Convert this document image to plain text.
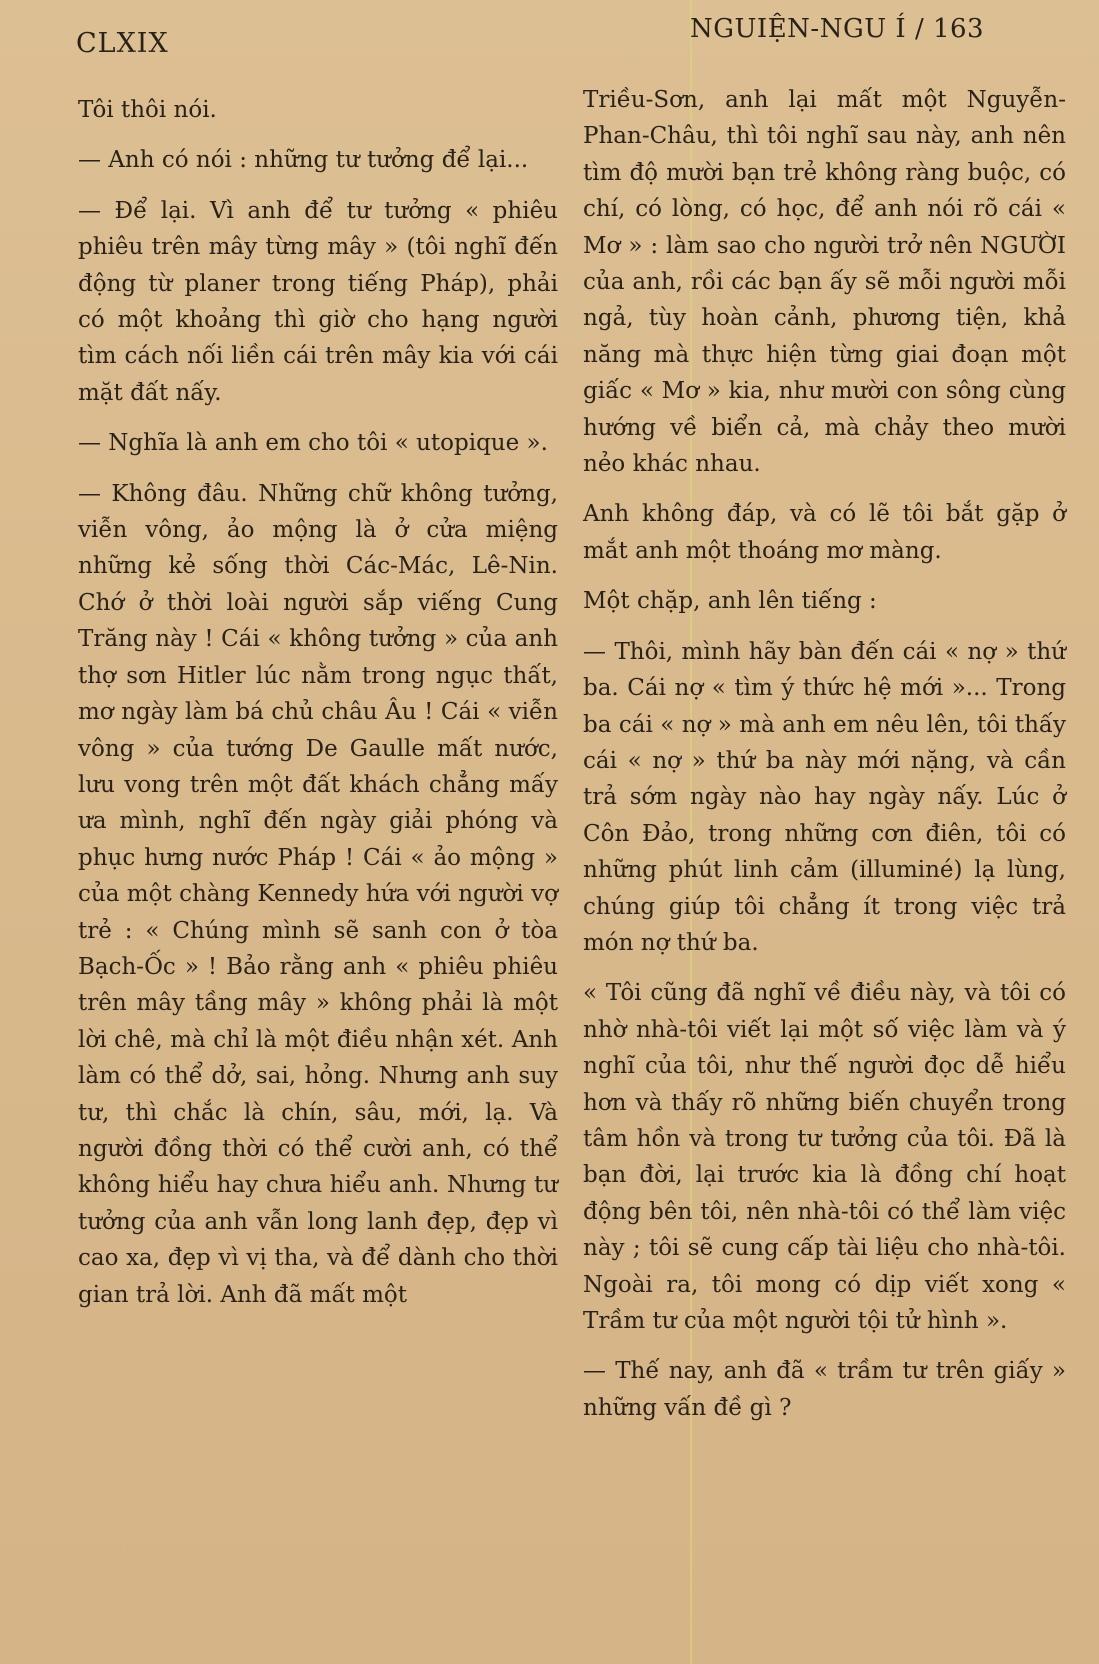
CLXIX	NGUIỆN-NGU Í / 163

Tôi thôi nói.

— Anh có nói : những tư tưởng để lại...

— Để lại. Vì anh để tư tưởng « phiêu phiêu trên mây từng mây » (tôi nghĩ đến động từ planer trong tiếng Pháp), phải có một khoảng thì giờ cho hạng người tìm cách nối liền cái trên mây kia với cái mặt đất nấy.

— Nghĩa là anh em cho tôi « utopique ».

— Không đâu. Những chữ không tưởng, viễn vông, ảo mộng là ở cửa miệng những kẻ sống thời Các-Mác, Lê-Nin. Chớ ở thời loài người sắp viếng Cung Trăng này ! Cái « không tưởng » của anh thợ sơn Hitler lúc nằm trong ngục thất, mơ ngày làm bá chủ châu Âu ! Cái « viễn vông » của tướng De Gaulle mất nước, lưu vong trên một đất khách chẳng mấy ưa mình, nghĩ đến ngày giải phóng và phục hưng nước Pháp ! Cái « ảo mộng » của một chàng Kennedy hứa với người vợ trẻ : « Chúng mình sẽ sanh con ở tòa Bạch-Ốc » ! Bảo rằng anh « phiêu phiêu trên mây tầng mây » không phải là một lời chê, mà chỉ là một điều nhận xét. Anh làm có thể dở, sai, hỏng. Nhưng anh suy tư, thì chắc là chín, sâu, mới, lạ. Và người đồng thời có thể cười anh, có thể không hiểu hay chưa hiểu anh. Nhưng tư tưởng của anh vẫn long lanh đẹp, đẹp vì cao xa, đẹp vì vị tha, và để dành cho thời gian trả lời. Anh đã mất một

Triều-Sơn, anh lại mất một Nguyễn-Phan-Châu, thì tôi nghĩ sau này, anh nên tìm độ mười bạn trẻ không ràng buộc, có chí, có lòng, có học, để anh nói rõ cái « Mơ » : làm sao cho người trở nên NGƯỜI của anh, rồi các bạn ấy sẽ mỗi người mỗi ngả, tùy hoàn cảnh, phương tiện, khả năng mà thực hiện từng giai đoạn một giấc « Mơ » kia, như mười con sông cùng hướng về biển cả, mà chảy theo mười nẻo khác nhau.

Anh không đáp, và có lẽ tôi bắt gặp ở mắt anh một thoáng mơ màng.

Một chặp, anh lên tiếng :

— Thôi, mình hãy bàn đến cái « nợ » thứ ba. Cái nợ « tìm ý thức hệ mới »... Trong ba cái « nợ » mà anh em nêu lên, tôi thấy cái « nợ » thứ ba này mới nặng, và cần trả sớm ngày nào hay ngày nấy. Lúc ở Côn Đảo, trong những cơn điên, tôi có những phút linh cảm (illuminé) lạ lùng, chúng giúp tôi chẳng ít trong việc trả món nợ thứ ba.

« Tôi cũng đã nghĩ về điều này, và tôi có nhờ nhà-tôi viết lại một số việc làm và ý nghĩ của tôi, như thế người đọc dễ hiểu hơn và thấy rõ những biến chuyển trong tâm hồn và trong tư tưởng của tôi. Đã là bạn đời, lại trước kia là đồng chí hoạt động bên tôi, nên nhà-tôi có thể làm việc này ; tôi sẽ cung cấp tài liệu cho nhà-tôi. Ngoài ra, tôi mong có dịp viết xong « Trầm tư của một người tội tử hình ».

— Thế nay, anh đã « trầm tư trên giấy » những vấn đề gì ?
